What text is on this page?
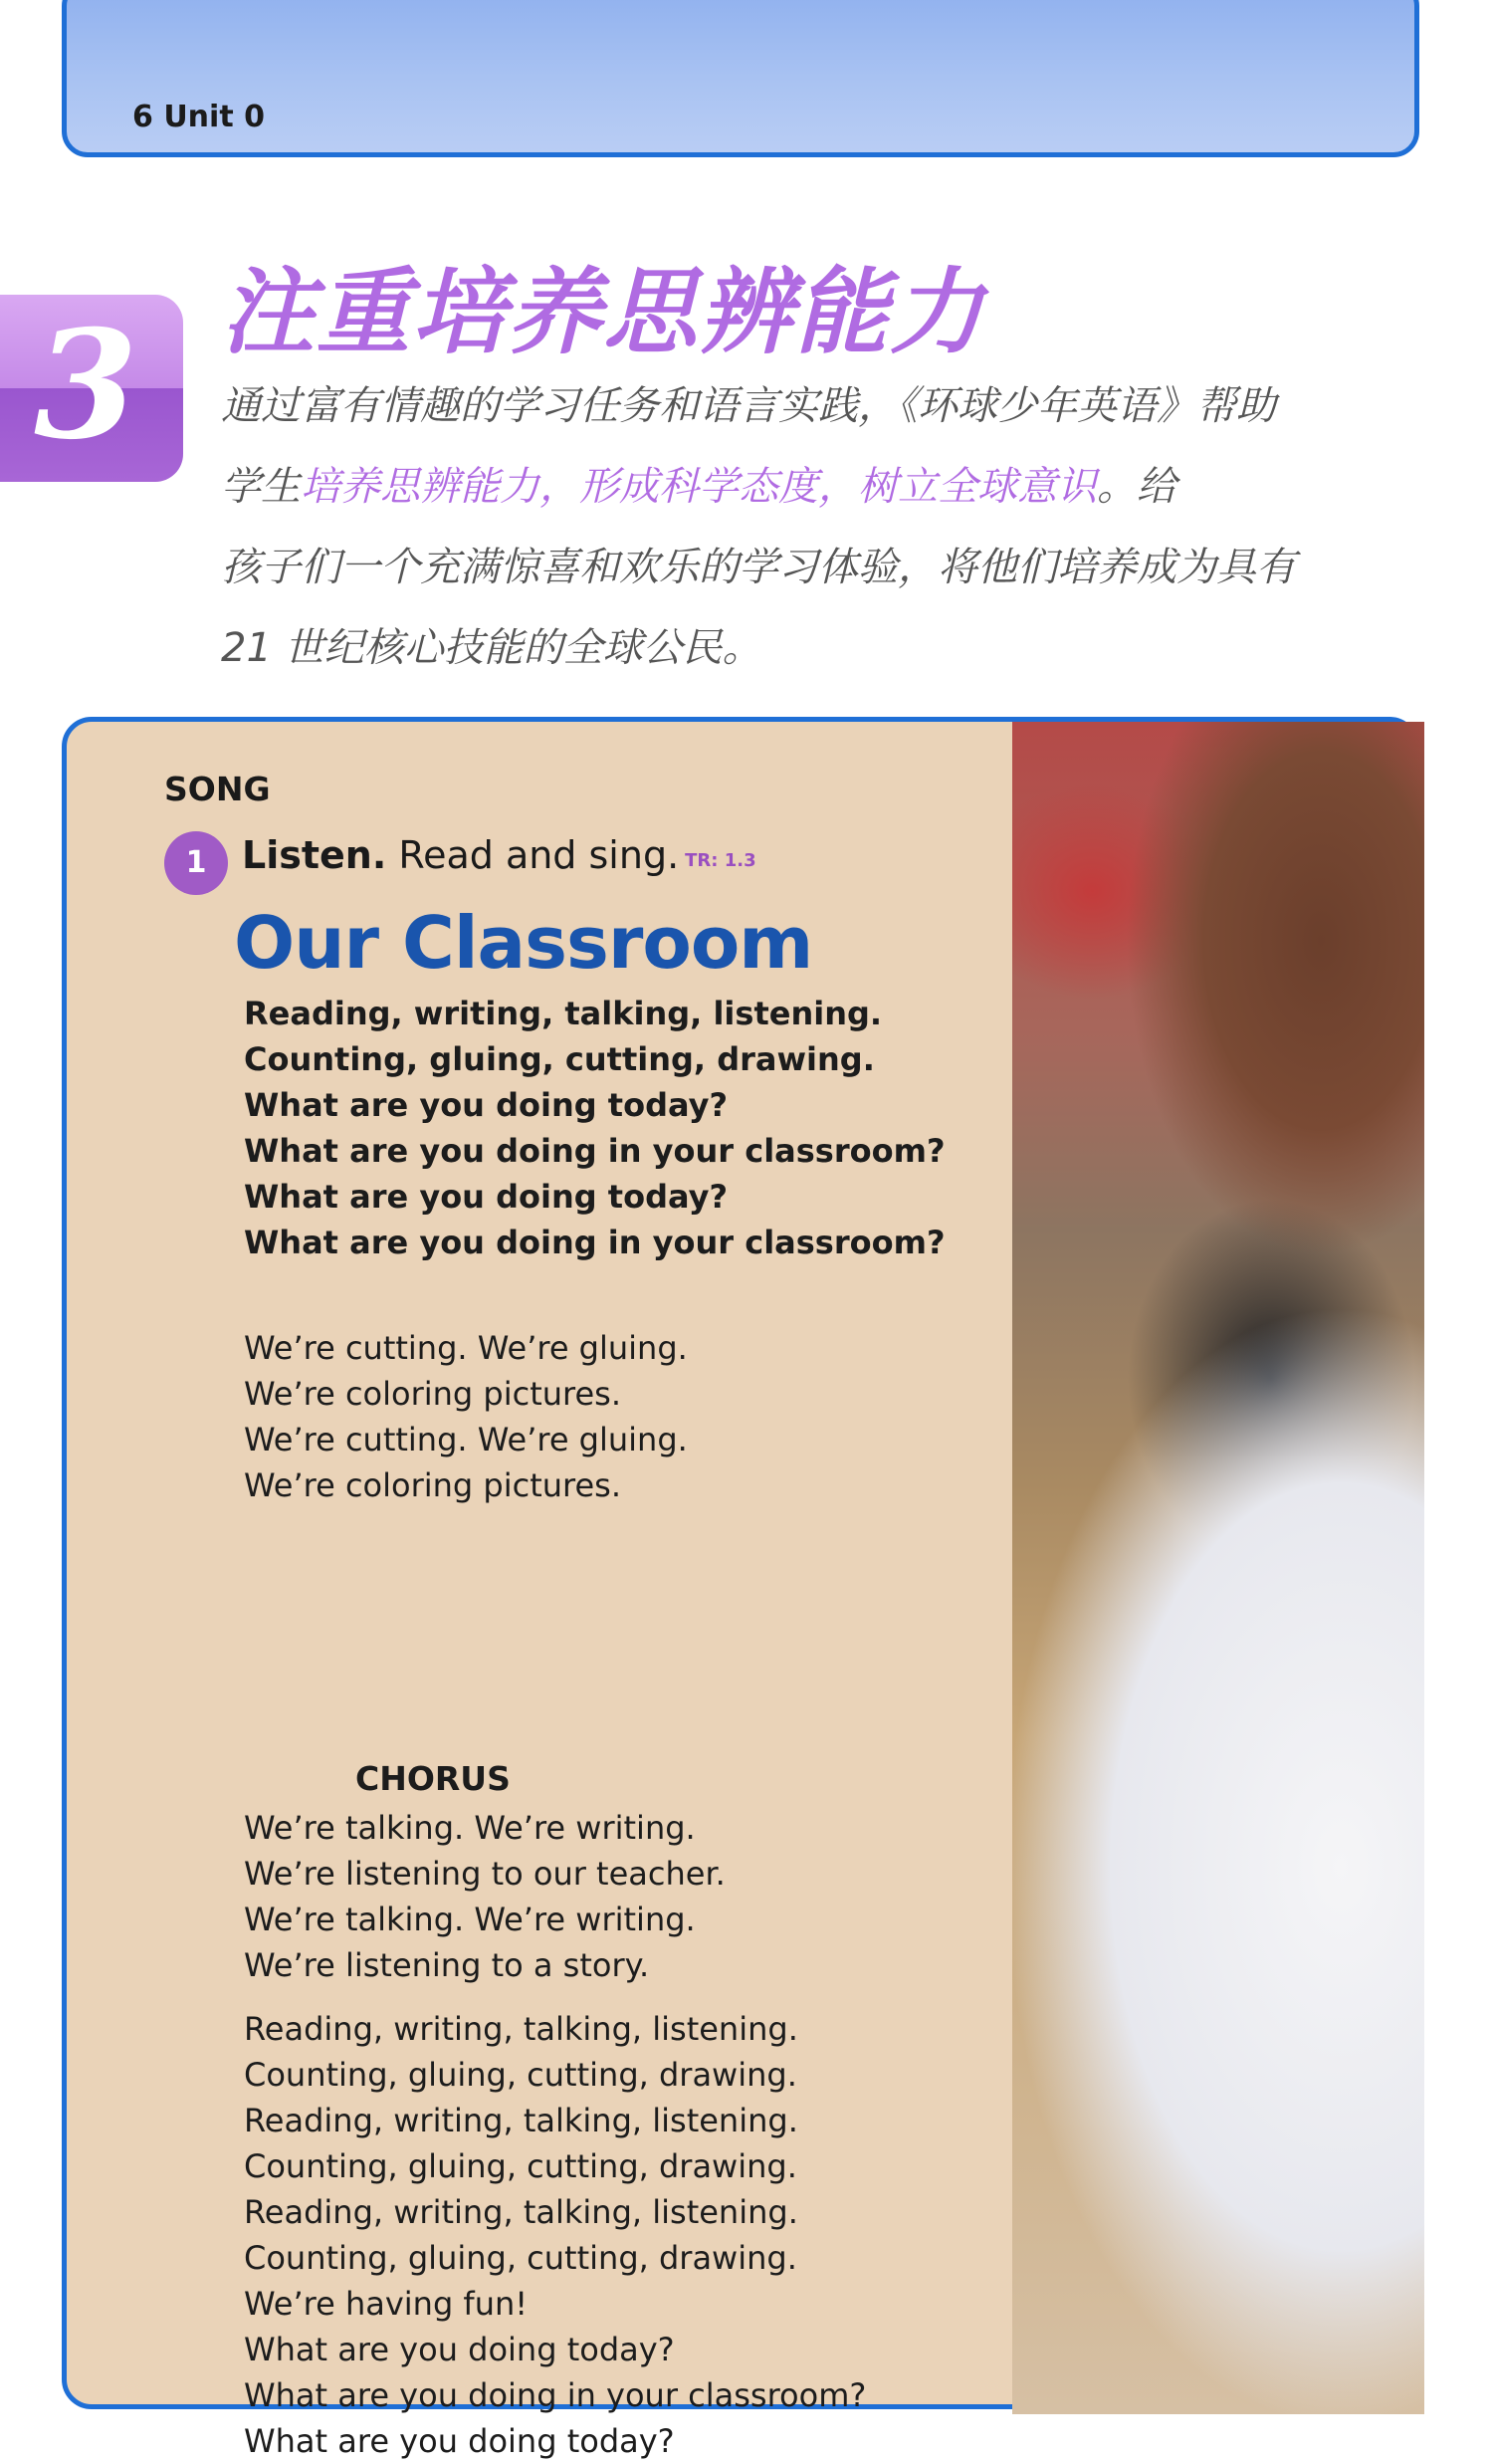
6 Unit 0
3 注重培养思辨能力
通过富有情趣的学习任务和语言实践，《环球少年英语》帮助
学生培养思辨能力，形成科学态度，树立全球意识。给
孩子们一个充满惊喜和欢乐的学习体验，将他们培养成为具有
21 世纪核心技能的全球公民。
SONG
1 Listen. Read and sing. TR: 1.3
Our Classroom
Reading, writing, talking, listening.
Counting, gluing, cutting, drawing.
What are you doing today?
What are you doing in your classroom?
What are you doing today?
What are you doing in your classroom?
We’re cutting. We’re gluing.
We’re coloring pictures.
We’re cutting. We’re gluing.
We’re coloring pictures.
CHORUS
We’re talking. We’re writing.
We’re listening to our teacher.
We’re talking. We’re writing.
We’re listening to a story.
Reading, writing, talking, listening.
Counting, gluing, cutting, drawing.
Reading, writing, talking, listening.
Counting, gluing, cutting, drawing.
Reading, writing, talking, listening.
Counting, gluing, cutting, drawing.
We’re having fun!
What are you doing today?
What are you doing in your classroom?
What are you doing today?
